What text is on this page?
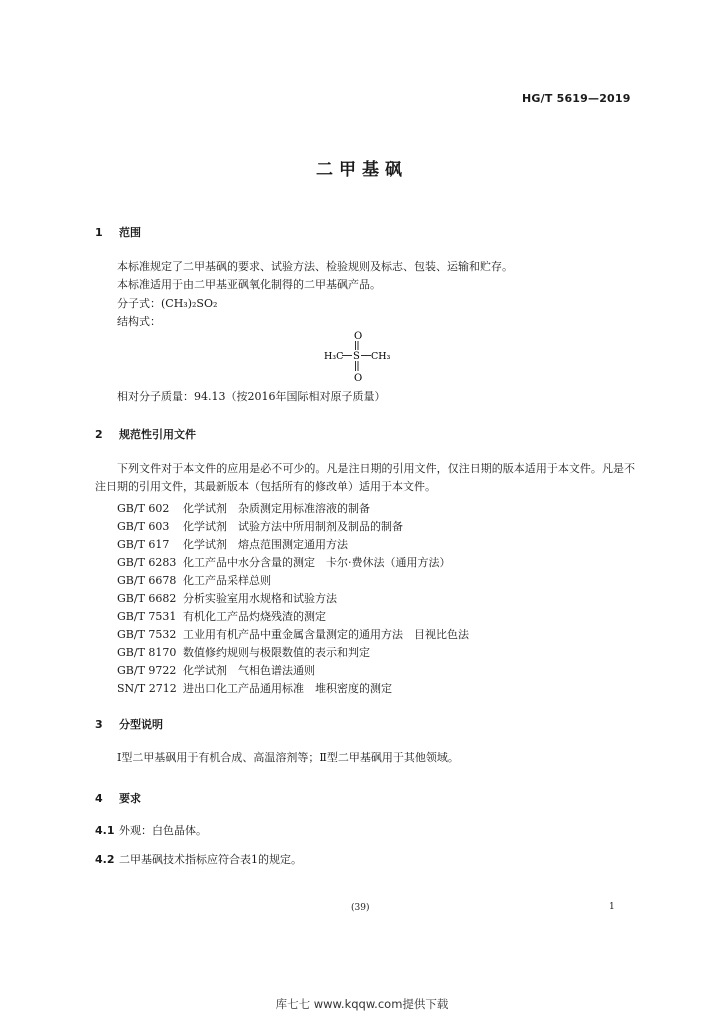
HG/T 5619—2019
二甲基砜
1 范围
本标准规定了二甲基砜的要求、试验方法、检验规则及标志、包装、运输和贮存。
本标准适用于由二甲基亚砜氧化制得的二甲基砜产品。
分子式：(CH₃)₂SO₂
结构式：
O
H₃C S CH₃
O
相对分子质量：94.13（按2016年国际相对原子质量）
2 规范性引用文件
下列文件对于本文件的应用是必不可少的。凡是注日期的引用文件，仅注日期的版本适用于本文件。凡是不注日期的引用文件，其最新版本（包括所有的修改单）适用于本文件。
GB/T 602 化学试剂　杂质测定用标准溶液的制备
GB/T 603 化学试剂　试验方法中所用制剂及制品的制备
GB/T 617 化学试剂　熔点范围测定通用方法
GB/T 6283 化工产品中水分含量的测定　卡尔·费休法（通用方法）
GB/T 6678 化工产品采样总则
GB/T 6682 分析实验室用水规格和试验方法
GB/T 7531 有机化工产品灼烧残渣的测定
GB/T 7532 工业用有机产品中重金属含量测定的通用方法　目视比色法
GB/T 8170 数值修约规则与极限数值的表示和判定
GB/T 9722 化学试剂　气相色谱法通则
SN/T 2712 进出口化工产品通用标准　堆积密度的测定
3 分型说明
Ⅰ型二甲基砜用于有机合成、高温溶剂等；Ⅱ型二甲基砜用于其他领域。
4 要求
4.1 外观：白色晶体。
4.2 二甲基砜技术指标应符合表1的规定。
(39)	1
库七七 www.kqqw.com提供下载
